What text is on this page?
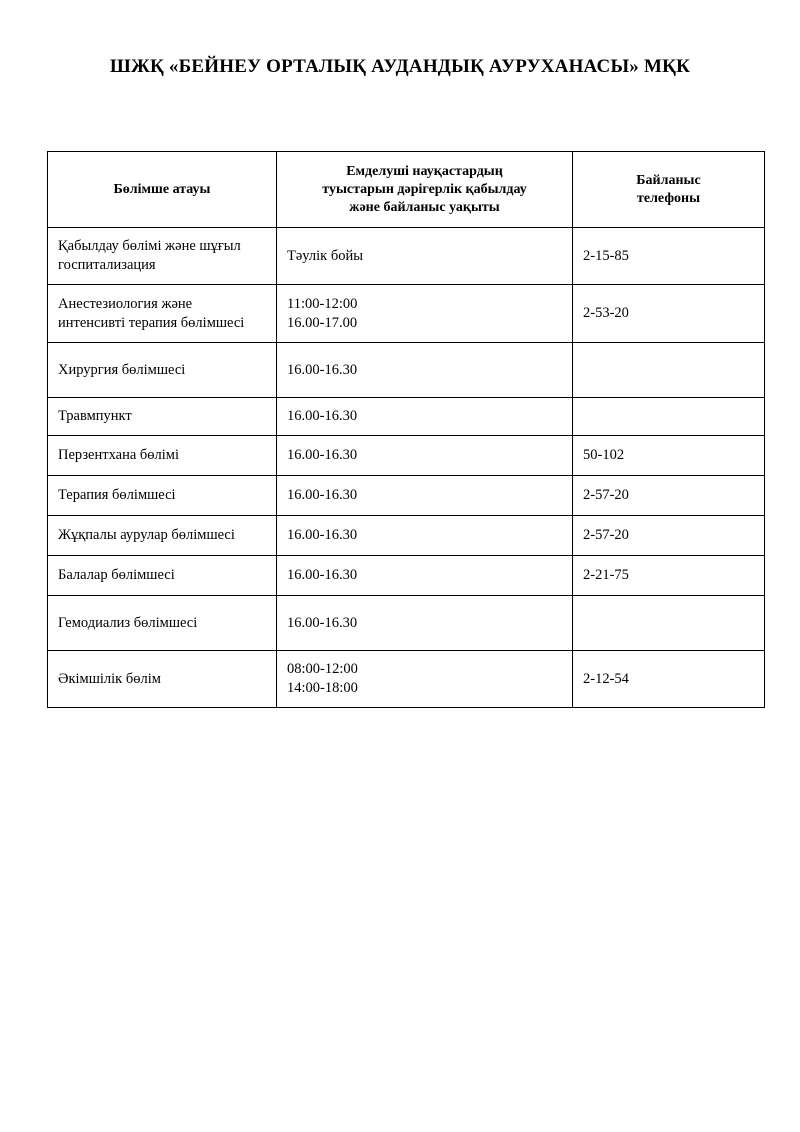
ШЖҚ «БЕЙНЕУ ОРТАЛЫҚ АУДАНДЫҚ АУРУХАНАСЫ» МҚК
Бөлімше атауы	Емделуші науқастардың
туыстарын дәрігерлік қабылдау
және байланыс уақыты	Байланыс
телефоны

Қабылдау бөлімі және шұғыл
госпитализация	Тәулік бойы	2-15-85

Анестезиология және
интенсивті терапия бөлімшесі	11:00-12:00
16.00-17.00	2-53-20

Хирургия бөлімшесі	16.00-16.30	

Травмпункт	16.00-16.30	

Перзентхана бөлімі	16.00-16.30	50-102

Терапия бөлімшесі	16.00-16.30	2-57-20

Жұқпалы аурулар бөлімшесі	16.00-16.30	2-57-20

Балалар бөлімшесі	16.00-16.30	2-21-75

Гемодиализ бөлімшесі	16.00-16.30	

Әкімшілік бөлім	08:00-12:00
14:00-18:00	2-12-54
